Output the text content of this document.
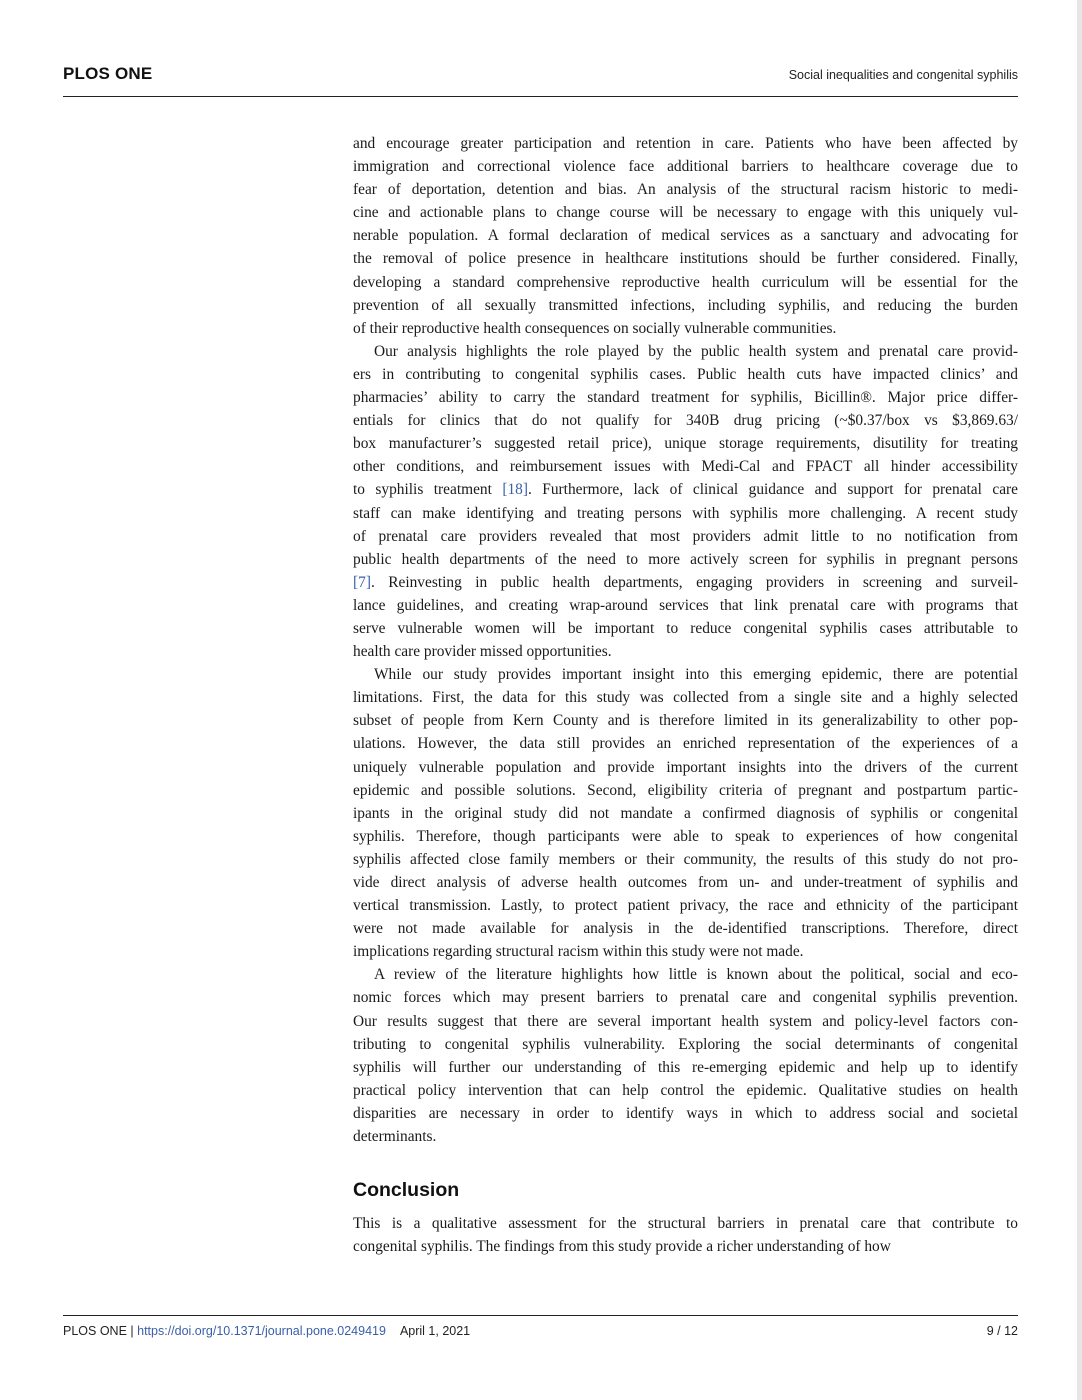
PLOS ONE	Social inequalities and congenital syphilis

and encourage greater participation and retention in care. Patients who have been affected by
immigration and correctional violence face additional barriers to healthcare coverage due to
fear of deportation, detention and bias. An analysis of the structural racism historic to medi-
cine and actionable plans to change course will be necessary to engage with this uniquely vul-
nerable population. A formal declaration of medical services as a sanctuary and advocating for
the removal of police presence in healthcare institutions should be further considered. Finally,
developing a standard comprehensive reproductive health curriculum will be essential for the
prevention of all sexually transmitted infections, including syphilis, and reducing the burden
of their reproductive health consequences on socially vulnerable communities.

Our analysis highlights the role played by the public health system and prenatal care provid-
ers in contributing to congenital syphilis cases. Public health cuts have impacted clinics’ and
pharmacies’ ability to carry the standard treatment for syphilis, Bicillin®. Major price differ-
entials for clinics that do not qualify for 340B drug pricing (~$0.37/box vs $3,869.63/
box manufacturer’s suggested retail price), unique storage requirements, disutility for treating
other conditions, and reimbursement issues with Medi-Cal and FPACT all hinder accessibility
to syphilis treatment [18]. Furthermore, lack of clinical guidance and support for prenatal care
staff can make identifying and treating persons with syphilis more challenging. A recent study
of prenatal care providers revealed that most providers admit little to no notification from
public health departments of the need to more actively screen for syphilis in pregnant persons
[7]. Reinvesting in public health departments, engaging providers in screening and surveil-
lance guidelines, and creating wrap-around services that link prenatal care with programs that
serve vulnerable women will be important to reduce congenital syphilis cases attributable to
health care provider missed opportunities.

While our study provides important insight into this emerging epidemic, there are potential
limitations. First, the data for this study was collected from a single site and a highly selected
subset of people from Kern County and is therefore limited in its generalizability to other pop-
ulations. However, the data still provides an enriched representation of the experiences of a
uniquely vulnerable population and provide important insights into the drivers of the current
epidemic and possible solutions. Second, eligibility criteria of pregnant and postpartum partic-
ipants in the original study did not mandate a confirmed diagnosis of syphilis or congenital
syphilis. Therefore, though participants were able to speak to experiences of how congenital
syphilis affected close family members or their community, the results of this study do not pro-
vide direct analysis of adverse health outcomes from un- and under-treatment of syphilis and
vertical transmission. Lastly, to protect patient privacy, the race and ethnicity of the participant
were not made available for analysis in the de-identified transcriptions. Therefore, direct
implications regarding structural racism within this study were not made.

A review of the literature highlights how little is known about the political, social and eco-
nomic forces which may present barriers to prenatal care and congenital syphilis prevention.
Our results suggest that there are several important health system and policy-level factors con-
tributing to congenital syphilis vulnerability. Exploring the social determinants of congenital
syphilis will further our understanding of this re-emerging epidemic and help up to identify
practical policy intervention that can help control the epidemic. Qualitative studies on health
disparities are necessary in order to identify ways in which to address social and societal
determinants.

Conclusion

This is a qualitative assessment for the structural barriers in prenatal care that contribute to
congenital syphilis. The findings from this study provide a richer understanding of how

PLOS ONE | https://doi.org/10.1371/journal.pone.0249419 April 1, 2021	9 / 12
